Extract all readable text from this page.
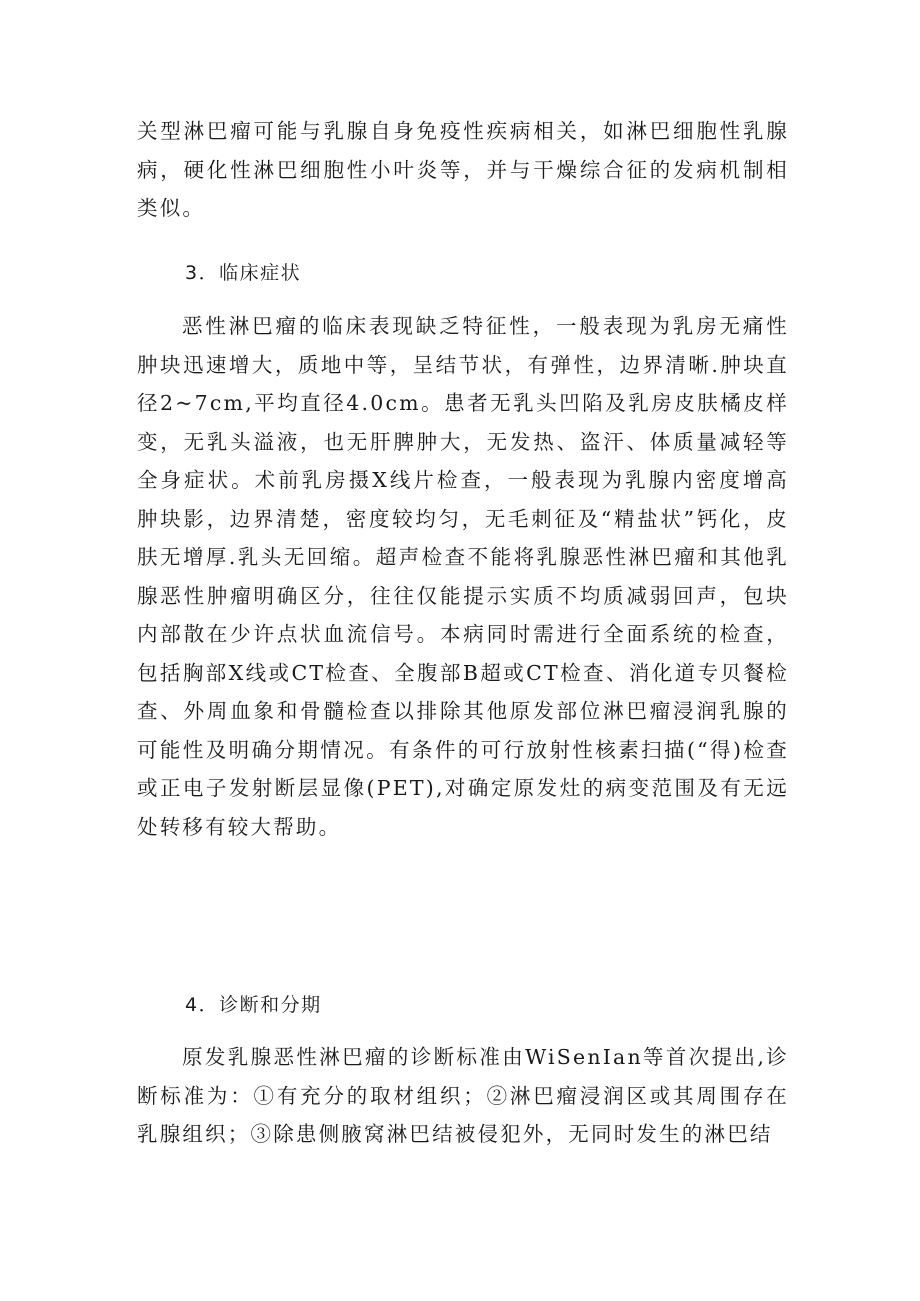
关型淋巴瘤可能与乳腺自身免疫性疾病相关，如淋巴细胞性乳腺病，硬化性淋巴细胞性小叶炎等，并与干燥综合征的发病机制相类似。
3．临床症状
恶性淋巴瘤的临床表现缺乏特征性，一般表现为乳房无痛性肿块迅速增大，质地中等，呈结节状，有弹性，边界清晰.肿块直径2~7cm,平均直径4.0cm。患者无乳头凹陷及乳房皮肤橘皮样变，无乳头溢液，也无肝脾肿大，无发热、盗汗、体质量减轻等全身症状。术前乳房摄X线片检查，一般表现为乳腺内密度增高肿块影，边界清楚，密度较均匀，无毛刺征及“精盐状”钙化，皮肤无增厚.乳头无回缩。超声检查不能将乳腺恶性淋巴瘤和其他乳腺恶性肿瘤明确区分，往往仅能提示实质不均质减弱回声，包块内部散在少许点状血流信号。本病同时需进行全面系统的检查，包括胸部X线或CT检查、全腹部B超或CT检查、消化道专贝餐检查、外周血象和骨髓检查以排除其他原发部位淋巴瘤浸润乳腺的可能性及明确分期情况。有条件的可行放射性核素扫描(“得)检查或正电子发射断层显像(PET),对确定原发灶的病变范围及有无远处转移有较大帮助。
4．诊断和分期
原发乳腺恶性淋巴瘤的诊断标准由WiSenIan等首次提出,诊断标准为：①有充分的取材组织；②淋巴瘤浸润区或其周围存在乳腺组织；③除患侧腋窝淋巴结被侵犯外，无同时发生的淋巴结
